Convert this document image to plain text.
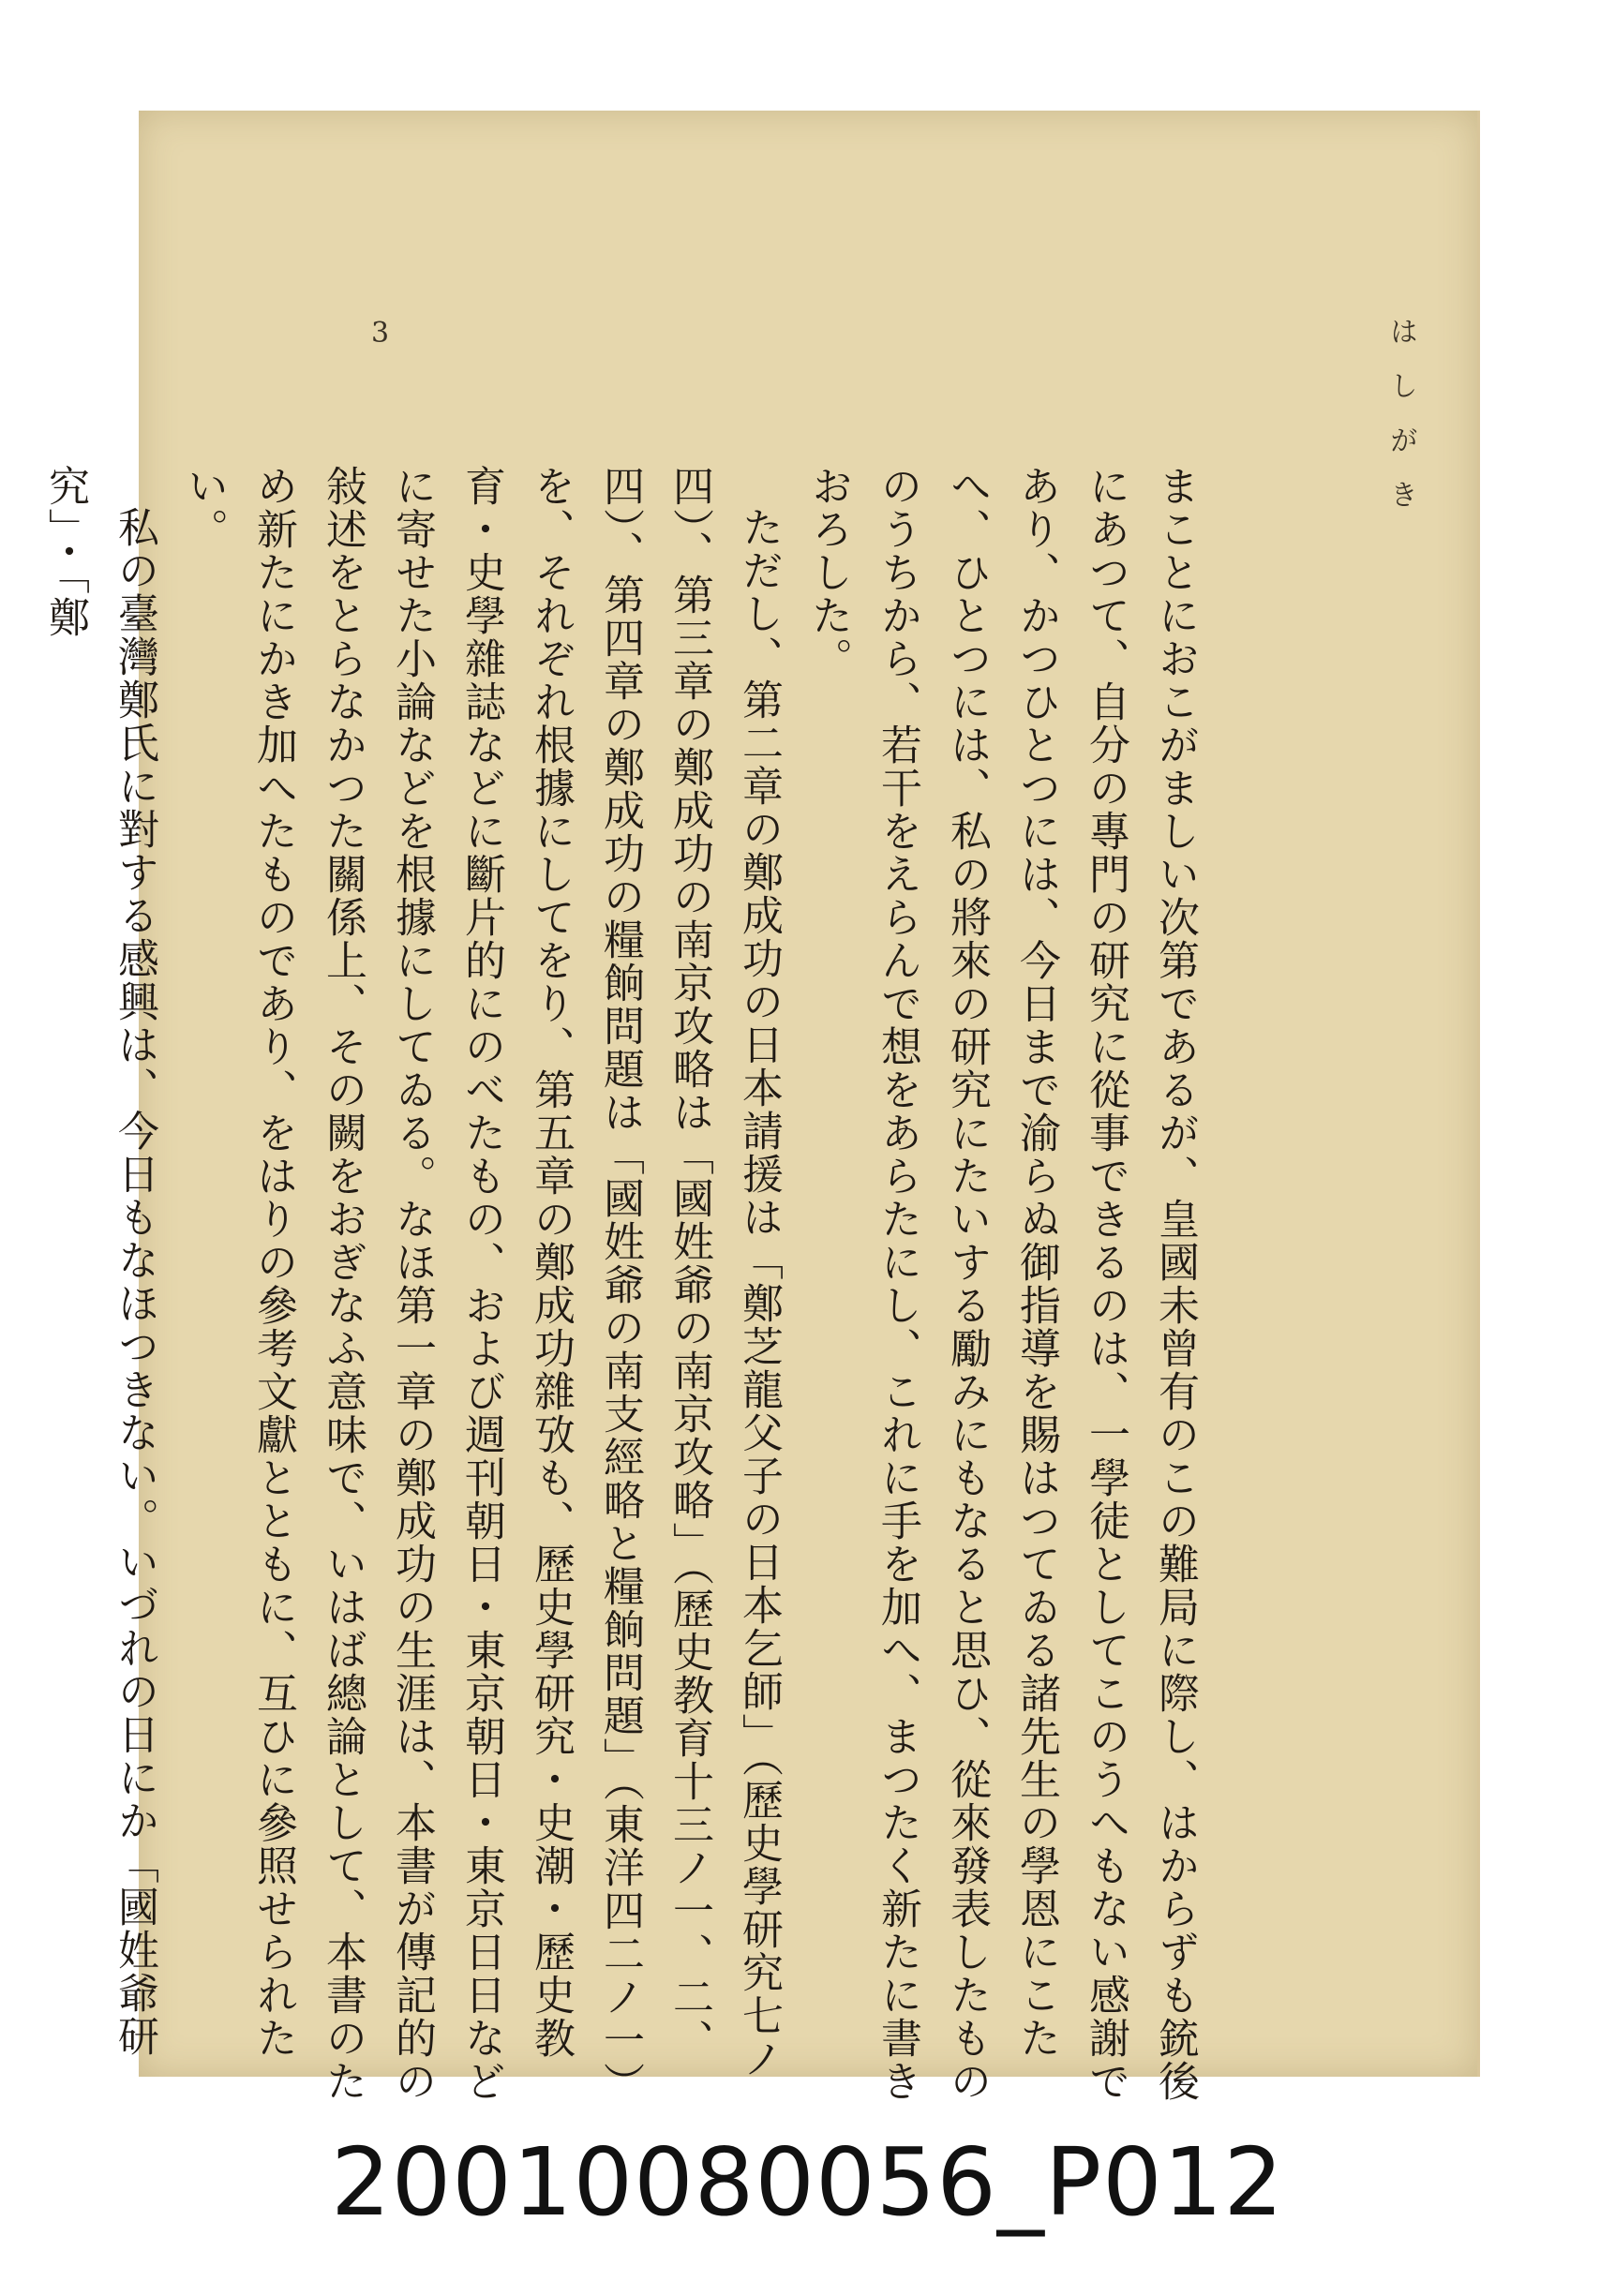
はしがき

まことにおこがましい次第であるが、皇國未曾有のこの難局に際し、はからずも銃後にあつて、自分の專門の研究に從事できるのは、一學徒としてこのうへもない感謝であり、かつひとつには、今日まで渝らぬ御指導を賜はつてゐる諸先生の學恩にこたへ、ひとつには、私の將來の研究にたいする勵みにもなると思ひ、從來發表したもののうちから、若干をえらんで想をあらたにし、これに手を加へ、まつたく新たに書きおろした。

ただし、第二章の鄭成功の日本請援は「鄭芝龍父子の日本乞師」（歷史學研究七ノ四）、第三章の鄭成功の南京攻略は「國姓爺の南京攻略」（歷史教育十三ノ一、二、四）、第四章の鄭成功の糧餉問題は「國姓爺の南支經略と糧餉問題」（東洋四二ノ一）を、それぞれ根據にしてをり、第五章の鄭成功雜攷も、歷史學研究・史潮・歷史教育・史學雜誌などに斷片的にのべたもの、および週刊朝日・東京朝日・東京日日などに寄せた小論などを根據にしてゐる。なほ第一章の鄭成功の生涯は、本書が傳記的の敍述をとらなかつた關係上、その闕をおぎなふ意味で、いはば總論として、本書のため新たにかき加へたものであり、をはりの參考文獻とともに、互ひに參照せられたい。

私の臺灣鄭氏に對する感興は、今日もなほつきない。いづれの日にか「國姓爺研究」・「鄭

3
20010080056_P012
